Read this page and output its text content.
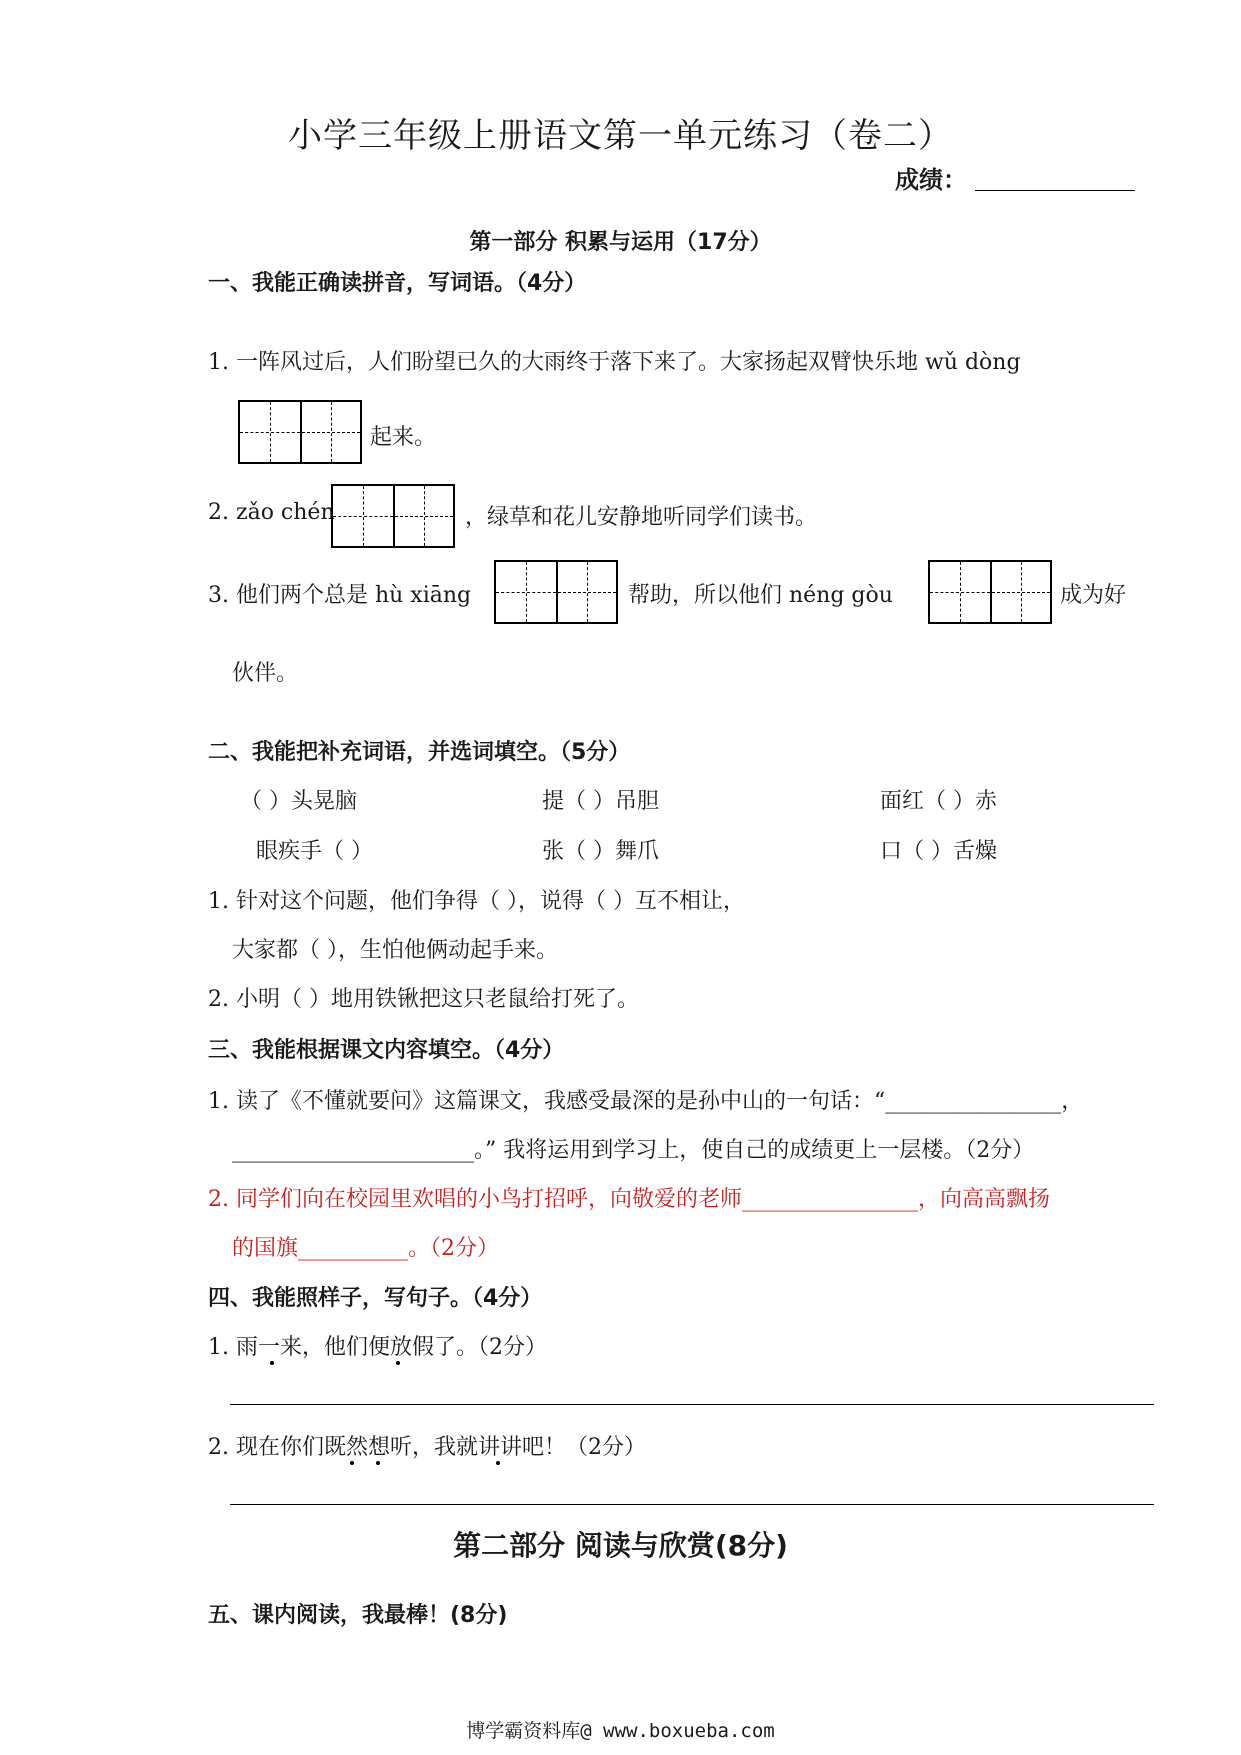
小学三年级上册语文第一单元练习（卷二）
成绩：
第一部分 积累与运用（17分）
一、我能正确读拼音，写词语。（4分）
1. 一阵风过后，人们盼望已久的大雨终于落下来了。大家扬起双臂快乐地 wǔ dòng
起来。
2. zǎo chén	，绿草和花儿安静地听同学们读书。
3. 他们两个总是 hù xiāng	帮助，所以他们 néng gòu	成为好
伙伴。
二、我能把补充词语，并选词填空。（5分）
（ ）头晃脑	提（ ）吊胆	面红（ ）赤
眼疾手（ ）	张（ ）舞爪	口（ ）舌燥
1. 针对这个问题，他们争得（ ），说得（ ）互不相让，
大家都（ ），生怕他俩动起手来。
2. 小明（ ）地用铁锹把这只老鼠给打死了。
三、我能根据课文内容填空。（4分）
1. 读了《不懂就要问》这篇课文，我感受最深的是孙中山的一句话：“________________，
______________________。” 我将运用到学习上，使自己的成绩更上一层楼。（2分）
2. 同学们向在校园里欢唱的小鸟打招呼，向敬爱的老师________________，向高高飘扬
的国旗__________。（2分）
四、我能照样子，写句子。（4分）
1. 雨一来，他们便放假了。（2分）
2. 现在你们既然想听，我就讲讲吧！（2分）
第二部分 阅读与欣赏(8分)
五、课内阅读，我最棒！(8分)
博学霸资料库@ www.boxueba.com
